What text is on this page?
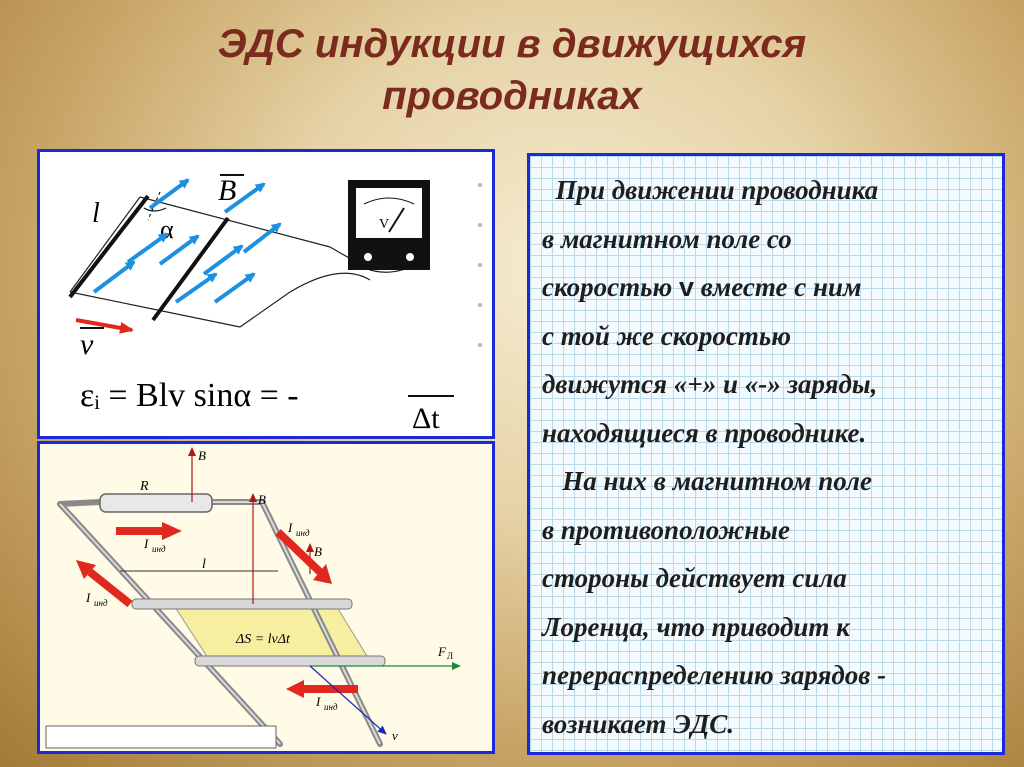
ЭДС индукции в движущихся
проводниках
α
l
B
v
V
εᵢ = Blv sinα = -
Δt
R
B
B
B
l
ΔS = lvΔt
I инд
I инд
I инд
I инд
F Л
v

При движении проводника

в магнитном поле со

скоростью v вместе с ним

с той же скоростью

движутся «+» и «-» заряды,

находящиеся в проводнике.

На них в магнитном поле

в противоположные

стороны действует сила

Лоренца, что приводит к

перераспределению зарядов -

возникает ЭДС.
